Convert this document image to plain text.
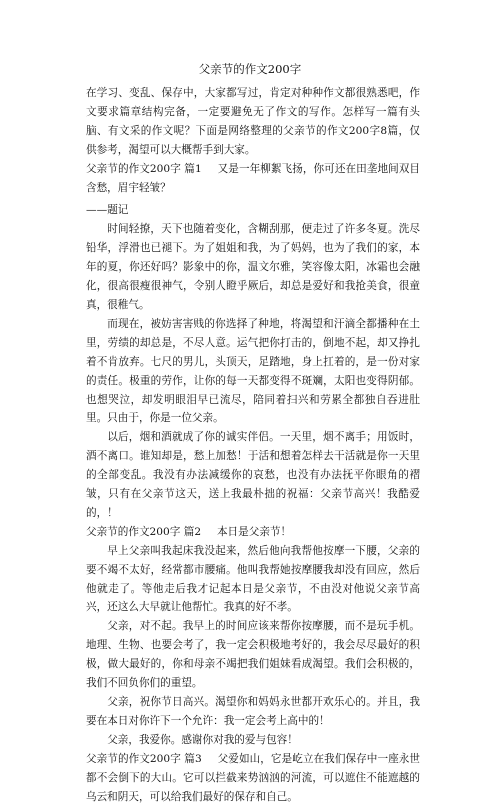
父亲节的作文200字

在学习、变乱、保存中，大家都写过，肯定对种种作文都很熟悉吧，作文要求篇章结构完备，一定要避免无了作文的写作。怎样写一篇有头脑、有文采的作文呢？下面是网络整理的父亲节的作文200字8篇，仅供参考，渴望可以大概帮手到大家。

父亲节的作文200字 篇1 又是一年柳絮飞扬，你可还在田垄地间双目含愁，眉宇轻皱？

——题记

时间轻撩，天下也随着变化，含糊刮那，便走过了许多冬夏。洗尽铅华，浮滑也已褪下。为了姐姐和我，为了妈妈，也为了我们的家，本年的夏，你还好吗？影象中的你，温文尔雅，笑容像太阳，冰霜也会融化，很高很瘦很神气，令别人瞪乎厥后，却总是爱好和我抢美食，很童真，很稚气。

而现在，被妨害害贱的你选择了种地，将渴望和汗滴全都播种在土里，劳绩的却总是，不尽人意。运气把你打击的，倒地不起，却又挣扎着不肯放弃。七尺的男儿，头顶天，足踏地，身上扛着的，是一份对家的责任。极重的劳作，让你的每一天都变得不斑斓，太阳也变得阴郁。也想哭泣，却发明眼泪早已流尽，陪同着扫兴和劳累全都独自吞进肚里。只由于，你是一位父亲。

以后，烟和酒就成了你的诚实伴侣。一天里，烟不离手；用饭时，酒不离口。谁知却是，愁上加愁！于活和想着怎样去干活就是你一天里的全部变乱。我没有办法减缓你的哀愁，也没有办法抚平你眼角的褶皱，只有在父亲节这天，送上我最朴拙的祝福：父亲节高兴！我酷爱的，！

父亲节的作文200字 篇2 本日是父亲节！

早上父亲叫我起床我没起来，然后他向我帮他按摩一下腰，父亲的要不竭不太好，经常都市腰痛。他叫我帮她按摩腰我却没有回应，然后他就走了。等他走后我才记起本日是父亲节，不由没对他说父亲节高兴，还这么大早就让他帮忙。我真的好不孝。

父亲，对不起。我早上的时间应该来帮你按摩腰，而不是玩手机。地理、生物、也要会考了，我一定会积极地考好的，我会尽尽最好的积极，做大最好的，你和母亲不竭把我们姐妹看成渴望。我们会积极的，我们不回负你们的重望。

父亲，祝你节日高兴。渴望你和妈妈永世都开欢乐心的。并且，我要在本日对你许下一个允许：我一定会考上高中的！

父亲，我爱你。感谢你对我的爱与包容！

父亲节的作文200字 篇3 父爱如山，它是屹立在我们保存中一座永世都不会倒下的大山。它可以拦截来势汹汹的河流，可以遮住不能遮越的乌云和阴天，可以给我们最好的保存和自己。
